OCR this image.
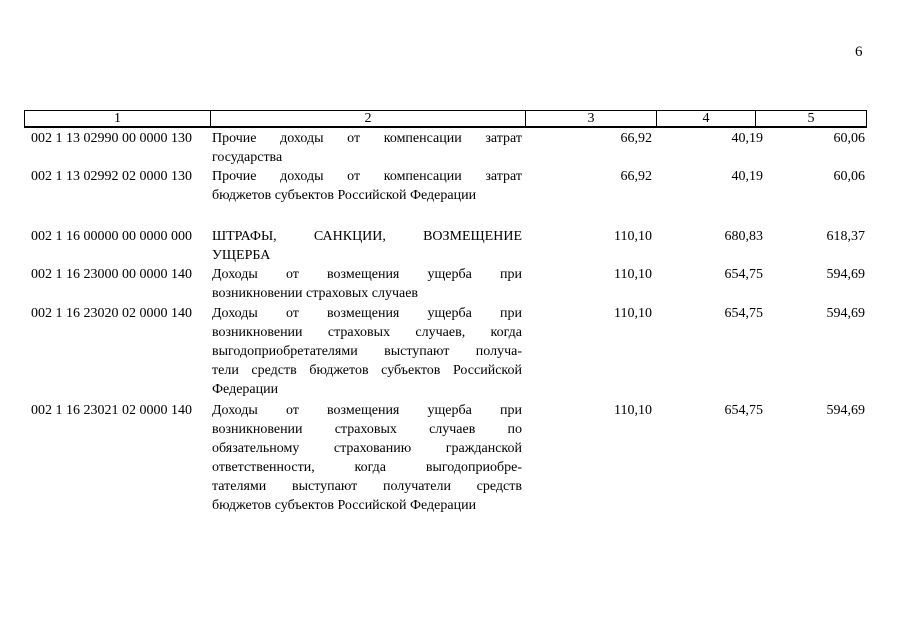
6
1	2	3	4	5
002 1 13 02990 00 0000 130	Прочие доходы от компенсации затрат
государства
66,92	40,19	60,06
002 1 13 02992 02 0000 130	Прочие доходы от компенсации затрат
бюджетов субъектов Российской Федерации
66,92	40,19	60,06
002 1 16 00000 00 0000 000	ШТРАФЫ, САНКЦИИ, ВОЗМЕЩЕНИЕ
УЩЕРБА
110,10	680,83	618,37
002 1 16 23000 00 0000 140	Доходы от возмещения ущерба при
возникновении страховых случаев
110,10	654,75	594,69
002 1 16 23020 02 0000 140	Доходы от возмещения ущерба при
возникновении страховых случаев, когда
выгодоприобретателями выступают получа-
тели средств бюджетов субъектов Российской
Федерации
110,10	654,75	594,69
002 1 16 23021 02 0000 140	Доходы от возмещения ущерба при
возникновении страховых случаев по
обязательному страхованию гражданской
ответственности, когда выгодоприобре-
тателями выступают получатели средств
бюджетов субъектов Российской Федерации
110,10	654,75	594,69
